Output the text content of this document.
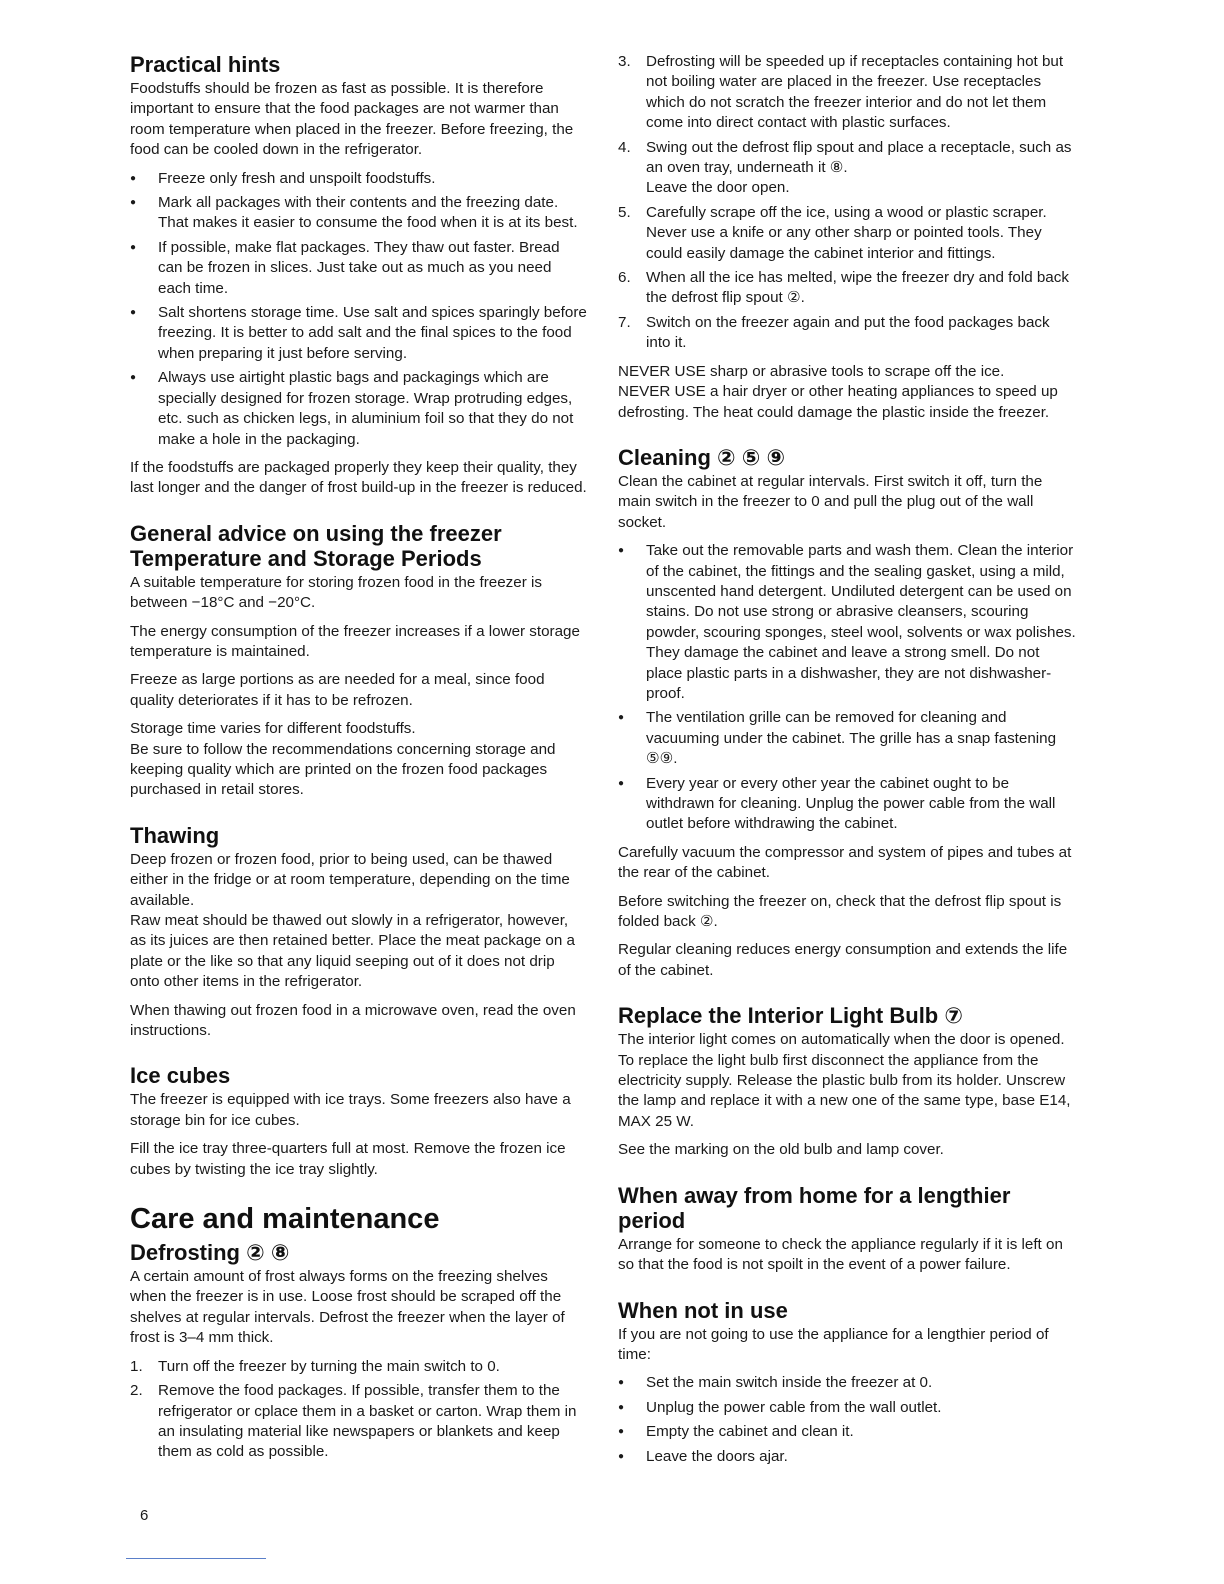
Practical hints

Foodstuffs should be frozen as fast as possible. It is therefore important to ensure that the food packages are not warmer than room temperature when placed in the freezer. Before freezing, the food can be cooled down in the refrigerator.

● Freeze only fresh and unspoilt foodstuffs.
● Mark all packages with their contents and the freezing date. That makes it easier to consume the food when it is at its best.
● If possible, make flat packages. They thaw out faster. Bread can be frozen in slices. Just take out as much as you need each time.
● Salt shortens storage time. Use salt and spices sparingly before freezing. It is better to add salt and the final spices to the food when preparing it just before serving.
● Always use airtight plastic bags and packagings which are specially designed for frozen storage. Wrap protruding edges, etc. such as chicken legs, in aluminium foil so that they do not make a hole in the packaging.

If the foodstuffs are packaged properly they keep their quality, they last longer and the danger of frost build-up in the freezer is reduced.

General advice on using the freezer
Temperature and Storage Periods

A suitable temperature for storing frozen food in the freezer is between −18°C and −20°C.

The energy consumption of the freezer increases if a lower storage temperature is maintained.

Freeze as large portions as are needed for a meal, since food quality deteriorates if it has to be refrozen.

Storage time varies for different foodstuffs.

Be sure to follow the recommendations concerning storage and keeping quality which are printed on the frozen food packages purchased in retail stores.

Thawing

Deep frozen or frozen food, prior to being used, can be thawed either in the fridge or at room temperature, depending on the time available.

Raw meat should be thawed out slowly in a refrigerator, however, as its juices are then retained better. Place the meat package on a plate or the like so that any liquid seeping out of it does not drip onto other items in the refrigerator.

When thawing out frozen food in a microwave oven, read the oven instructions.

Ice cubes

The freezer is equipped with ice trays. Some freezers also have a storage bin for ice cubes.

Fill the ice tray three-quarters full at most. Remove the frozen ice cubes by twisting the ice tray slightly.

Care and maintenance
Defrosting ② ⑧

A certain amount of frost always forms on the freezing shelves when the freezer is in use. Loose frost should be scraped off the shelves at regular intervals. Defrost the freezer when the layer of frost is 3–4 mm thick.

1. Turn off the freezer by turning the main switch to 0.
2. Remove the food packages. If possible, transfer them to the refrigerator or cplace them in a basket or carton. Wrap them in an insulating material like newspapers or blankets and keep them as cold as possible.
3. Defrosting will be speeded up if receptacles containing hot but not boiling water are placed in the freezer. Use receptacles which do not scratch the freezer interior and do not let them come into direct contact with plastic surfaces.
4. Swing out the defrost flip spout and place a receptacle, such as an oven tray, underneath it ⑧.
Leave the door open.
5. Carefully scrape off the ice, using a wood or plastic scraper. Never use a knife or any other sharp or pointed tools. They could easily damage the cabinet interior and fittings.
6. When all the ice has melted, wipe the freezer dry and fold back the defrost flip spout ②.
7. Switch on the freezer again and put the food packages back into it.

NEVER USE sharp or abrasive tools to scrape off the ice.

NEVER USE a hair dryer or other heating appliances to speed up defrosting. The heat could damage the plastic inside the freezer.

Cleaning ② ⑤ ⑨

Clean the cabinet at regular intervals. First switch it off, turn the main switch in the freezer to 0 and pull the plug out of the wall socket.

● Take out the removable parts and wash them. Clean the interior of the cabinet, the fittings and the sealing gasket, using a mild, unscented hand detergent. Undiluted detergent can be used on stains. Do not use strong or abrasive cleansers, scouring powder, scouring sponges, steel wool, solvents or wax polishes. They damage the cabinet and leave a strong smell. Do not place plastic parts in a dishwasher, they are not dishwasher-proof.
● The ventilation grille can be removed for cleaning and vacuuming under the cabinet. The grille has a snap fastening ⑤⑨.
● Every year or every other year the cabinet ought to be withdrawn for cleaning. Unplug the power cable from the wall outlet before withdrawing the cabinet.

Carefully vacuum the compressor and system of pipes and tubes at the rear of the cabinet.

Before switching the freezer on, check that the defrost flip spout is folded back ②.

Regular cleaning reduces energy consumption and extends the life of the cabinet.

Replace the Interior Light Bulb ⑦

The interior light comes on automatically when the door is opened. To replace the light bulb first disconnect the appliance from the electricity supply. Release the plastic bulb from its holder. Unscrew the lamp and replace it with a new one of the same type, base E14, MAX 25 W.

See the marking on the old bulb and lamp cover.

When away from home for a lengthier
period

Arrange for someone to check the appliance regularly if it is left on so that the food is not spoilt in the event of a power failure.

When not in use

If you are not going to use the appliance for a lengthier period of time:

● Set the main switch inside the freezer at 0.
● Unplug the power cable from the wall outlet.
● Empty the cabinet and clean it.
● Leave the doors ajar.
6
